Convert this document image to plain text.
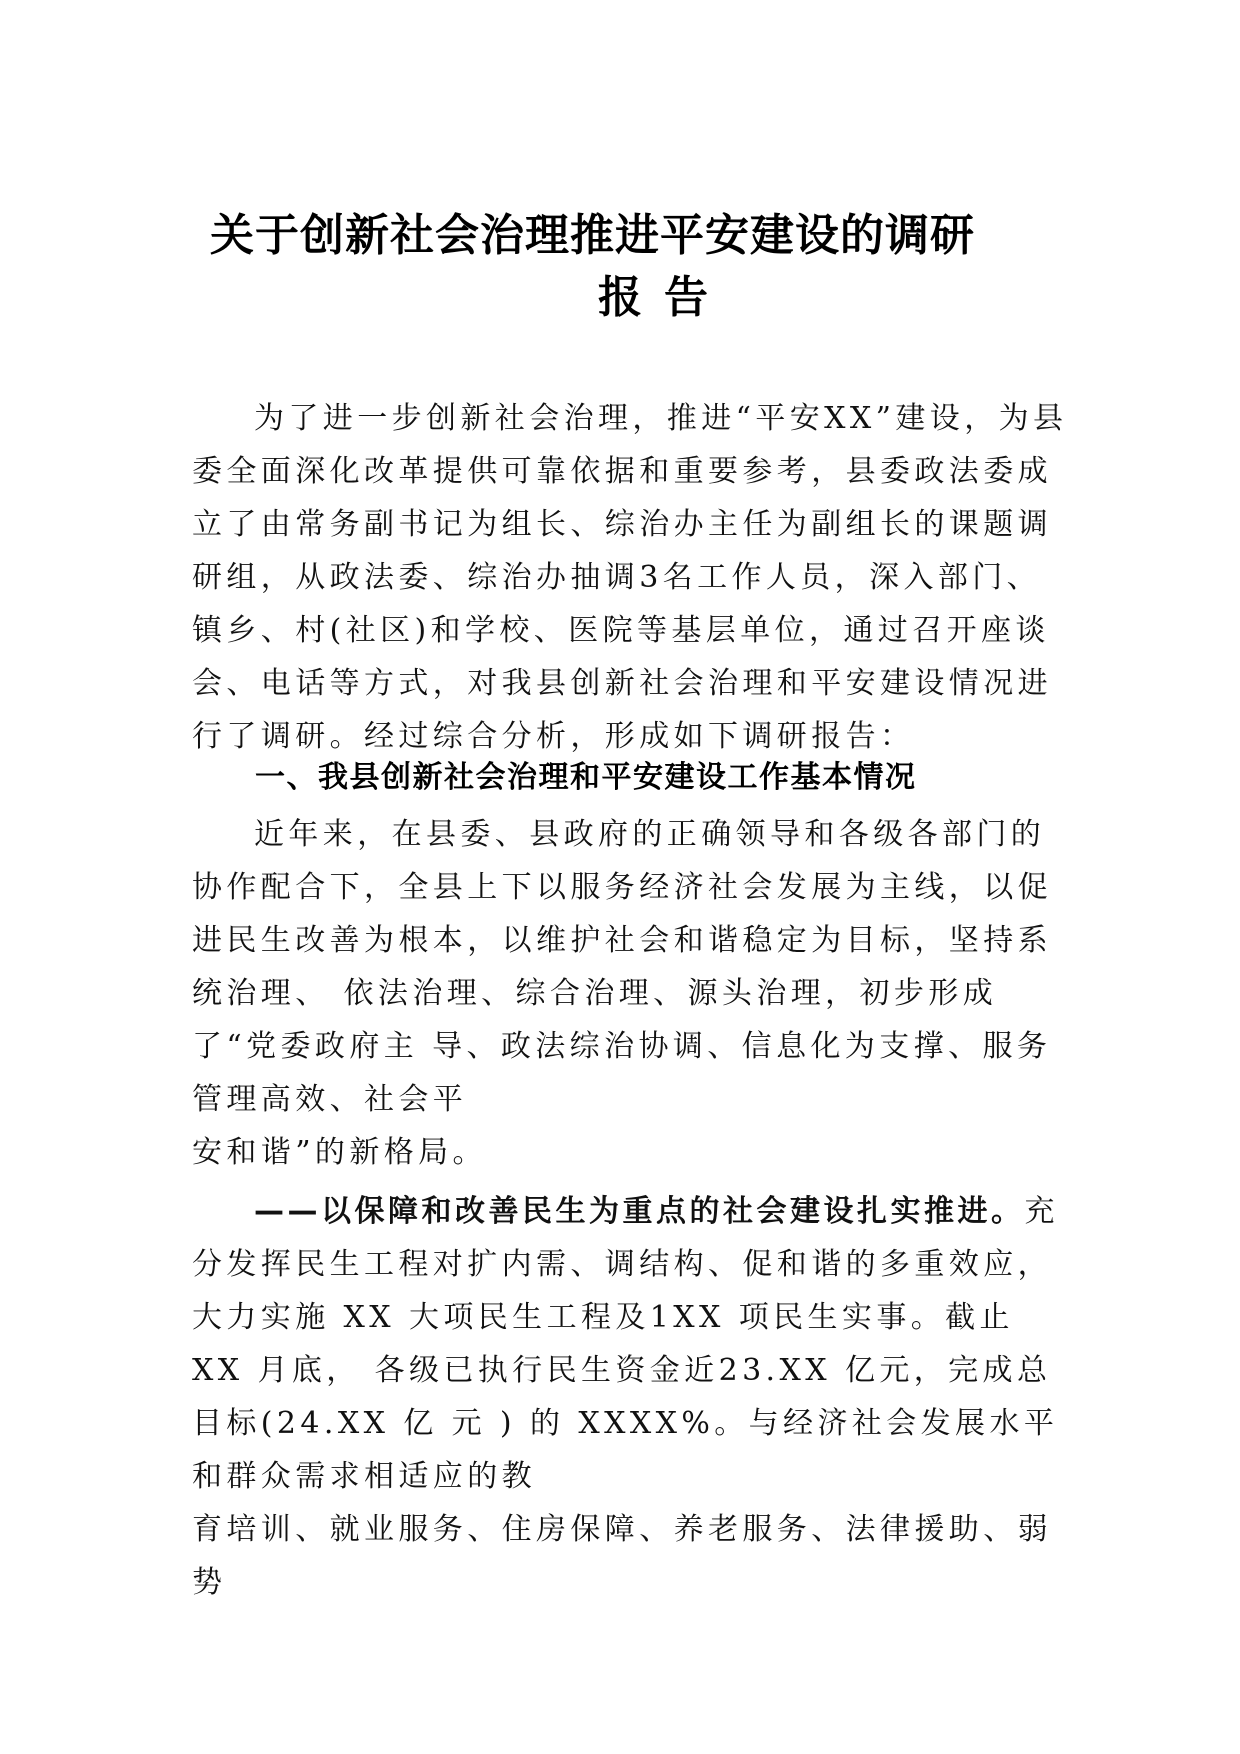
关于创新社会治理推进平安建设的调研
报告

为了进一步创新社会治理，推进“平安XX”建设，为县委全面深化改革提供可靠依据和重要参考，县委政法委成立了由常务副书记为组长、综治办主任为副组长的课题调研组，从政法委、综治办抽调3名工作人员，深入部门、镇乡、村(社区)和学校、医院等基层单位，通过召开座谈会、电话等方式，对我县创新社会治理和平安建设情况进行了调研。经过综合分析，形成如下调研报告：

一、我县创新社会治理和平安建设工作基本情况

近年来，在县委、县政府的正确领导和各级各部门的协作配合下，全县上下以服务经济社会发展为主线，以促进民生改善为根本，以维护社会和谐稳定为目标，坚持系统治理、 依法治理、综合治理、源头治理，初步形成了“党委政府主 导、政法综治协调、信息化为支撑、服务管理高效、社会平
安和谐”的新格局。
——以保障和改善民生为重点的社会建设扎实推进。充分发挥民生工程对扩内需、调结构、促和谐的多重效应，大力实施 XX 大项民生工程及1XX 项民生实事。截止 XX 月底， 各级已执行民生资金近23.XX 亿元，完成总目标(24.XX 亿 元 ) 的 XXXX%。与经济社会发展水平和群众需求相适应的教
育培训、就业服务、住房保障、养老服务、法律援助、弱势
